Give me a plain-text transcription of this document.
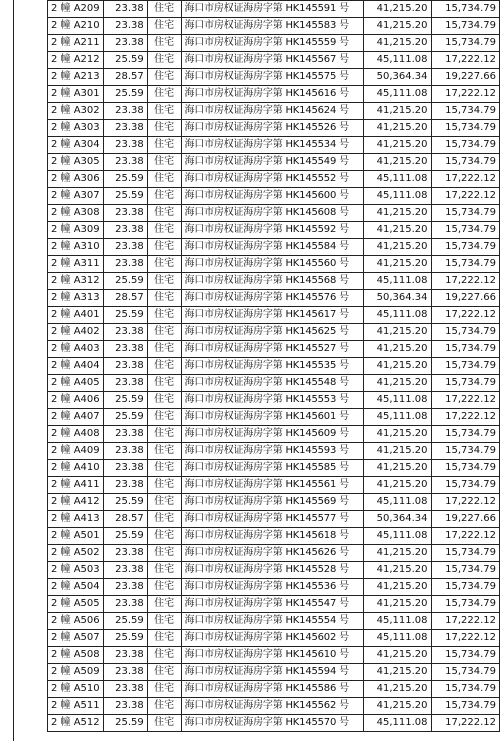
2 幢 A209	23.38	住宅	海口市房权证海房字第 HK145591 号	41,215.20	15,734.79
2 幢 A210	23.38	住宅	海口市房权证海房字第 HK145583 号	41,215.20	15,734.79
2 幢 A211	23.38	住宅	海口市房权证海房字第 HK145559 号	41,215.20	15,734.79
2 幢 A212	25.59	住宅	海口市房权证海房字第 HK145567 号	45,111.08	17,222.12
2 幢 A213	28.57	住宅	海口市房权证海房字第 HK145575 号	50,364.34	19,227.66
2 幢 A301	25.59	住宅	海口市房权证海房字第 HK145616 号	45,111.08	17,222.12
2 幢 A302	23.38	住宅	海口市房权证海房字第 HK145624 号	41,215.20	15,734.79
2 幢 A303	23.38	住宅	海口市房权证海房字第 HK145526 号	41,215.20	15,734.79
2 幢 A304	23.38	住宅	海口市房权证海房字第 HK145534 号	41,215.20	15,734.79
2 幢 A305	23.38	住宅	海口市房权证海房字第 HK145549 号	41,215.20	15,734.79
2 幢 A306	25.59	住宅	海口市房权证海房字第 HK145552 号	45,111.08	17,222.12
2 幢 A307	25.59	住宅	海口市房权证海房字第 HK145600 号	45,111.08	17,222.12
2 幢 A308	23.38	住宅	海口市房权证海房字第 HK145608 号	41,215.20	15,734.79
2 幢 A309	23.38	住宅	海口市房权证海房字第 HK145592 号	41,215.20	15,734.79
2 幢 A310	23.38	住宅	海口市房权证海房字第 HK145584 号	41,215.20	15,734.79
2 幢 A311	23.38	住宅	海口市房权证海房字第 HK145560 号	41,215.20	15,734.79
2 幢 A312	25.59	住宅	海口市房权证海房字第 HK145568 号	45,111.08	17,222.12
2 幢 A313	28.57	住宅	海口市房权证海房字第 HK145576 号	50,364.34	19,227.66
2 幢 A401	25.59	住宅	海口市房权证海房字第 HK145617 号	45,111.08	17,222.12
2 幢 A402	23.38	住宅	海口市房权证海房字第 HK145625 号	41,215.20	15,734.79
2 幢 A403	23.38	住宅	海口市房权证海房字第 HK145527 号	41,215.20	15,734.79
2 幢 A404	23.38	住宅	海口市房权证海房字第 HK145535 号	41,215.20	15,734.79
2 幢 A405	23.38	住宅	海口市房权证海房字第 HK145548 号	41,215.20	15,734.79
2 幢 A406	25.59	住宅	海口市房权证海房字第 HK145553 号	45,111.08	17,222.12
2 幢 A407	25.59	住宅	海口市房权证海房字第 HK145601 号	45,111.08	17,222.12
2 幢 A408	23.38	住宅	海口市房权证海房字第 HK145609 号	41,215.20	15,734.79
2 幢 A409	23.38	住宅	海口市房权证海房字第 HK145593 号	41,215.20	15,734.79
2 幢 A410	23.38	住宅	海口市房权证海房字第 HK145585 号	41,215.20	15,734.79
2 幢 A411	23.38	住宅	海口市房权证海房字第 HK145561 号	41,215.20	15,734.79
2 幢 A412	25.59	住宅	海口市房权证海房字第 HK145569 号	45,111.08	17,222.12
2 幢 A413	28.57	住宅	海口市房权证海房字第 HK145577 号	50,364.34	19,227.66
2 幢 A501	25.59	住宅	海口市房权证海房字第 HK145618 号	45,111.08	17,222.12
2 幢 A502	23.38	住宅	海口市房权证海房字第 HK145626 号	41,215.20	15,734.79
2 幢 A503	23.38	住宅	海口市房权证海房字第 HK145528 号	41,215.20	15,734.79
2 幢 A504	23.38	住宅	海口市房权证海房字第 HK145536 号	41,215.20	15,734.79
2 幢 A505	23.38	住宅	海口市房权证海房字第 HK145547 号	41,215.20	15,734.79
2 幢 A506	25.59	住宅	海口市房权证海房字第 HK145554 号	45,111.08	17,222.12
2 幢 A507	25.59	住宅	海口市房权证海房字第 HK145602 号	45,111.08	17,222.12
2 幢 A508	23.38	住宅	海口市房权证海房字第 HK145610 号	41,215.20	15,734.79
2 幢 A509	23.38	住宅	海口市房权证海房字第 HK145594 号	41,215.20	15,734.79
2 幢 A510	23.38	住宅	海口市房权证海房字第 HK145586 号	41,215.20	15,734.79
2 幢 A511	23.38	住宅	海口市房权证海房字第 HK145562 号	41,215.20	15,734.79
2 幢 A512	25.59	住宅	海口市房权证海房字第 HK145570 号	45,111.08	17,222.12
